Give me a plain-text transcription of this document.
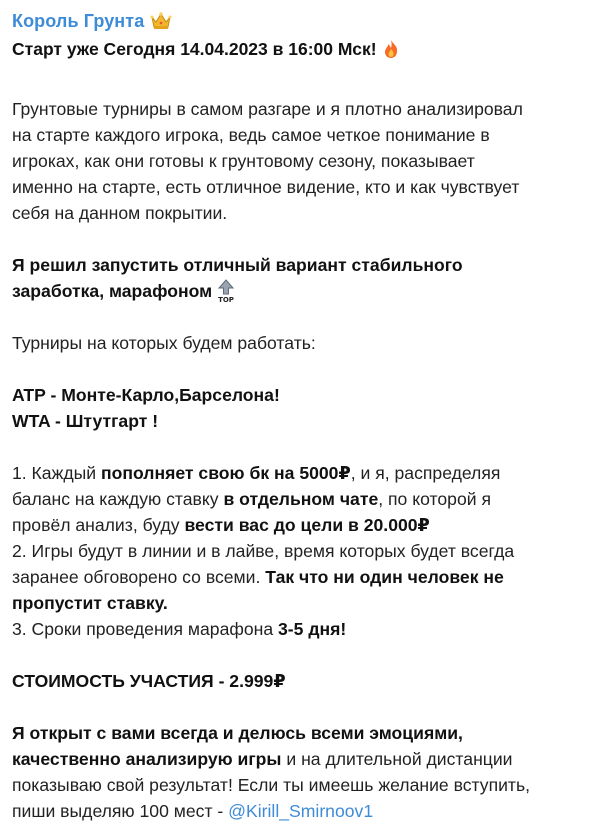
Король Грунта
Старт уже Сегодня 14.04.2023 в 16:00 Мск!

Грунтовые турниры в самом разгаре и я плотно анализировал

на старте каждого игрока, ведь самое четкое понимание в

игроках, как они готовы к грунтовому сезону, показывает

именно на старте, есть отличное видение, кто и как чувствует

себя на данном покрытии.

Я решил запустить отличный вариант стабильного

заработка, марафоном TOP

Турниры на которых будем работать:

ATP - Монте-Карло,Барселона!

WTA - Штутгарт !

1. Каждый пополняет свою бк на 5000₽, и я, распределяя

баланс на каждую ставку в отдельном чате, по которой я

провёл анализ, буду вести вас до цели в 20.000₽

2. Игры будут в линии и в лайве, время которых будет всегда

заранее обговорено со всеми. Так что ни один человек не

пропустит ставку.

3. Сроки проведения марафона 3-5 дня!

СТОИМОСТЬ УЧАСТИЯ - 2.999₽

Я открыт с вами всегда и делюсь всеми эмоциями,

качественно анализирую игры и на длительной дистанции

показываю свой результат! Если ты имеешь желание вступить,

пиши выделяю 100 мест - @Kirill_Smirnoov1
